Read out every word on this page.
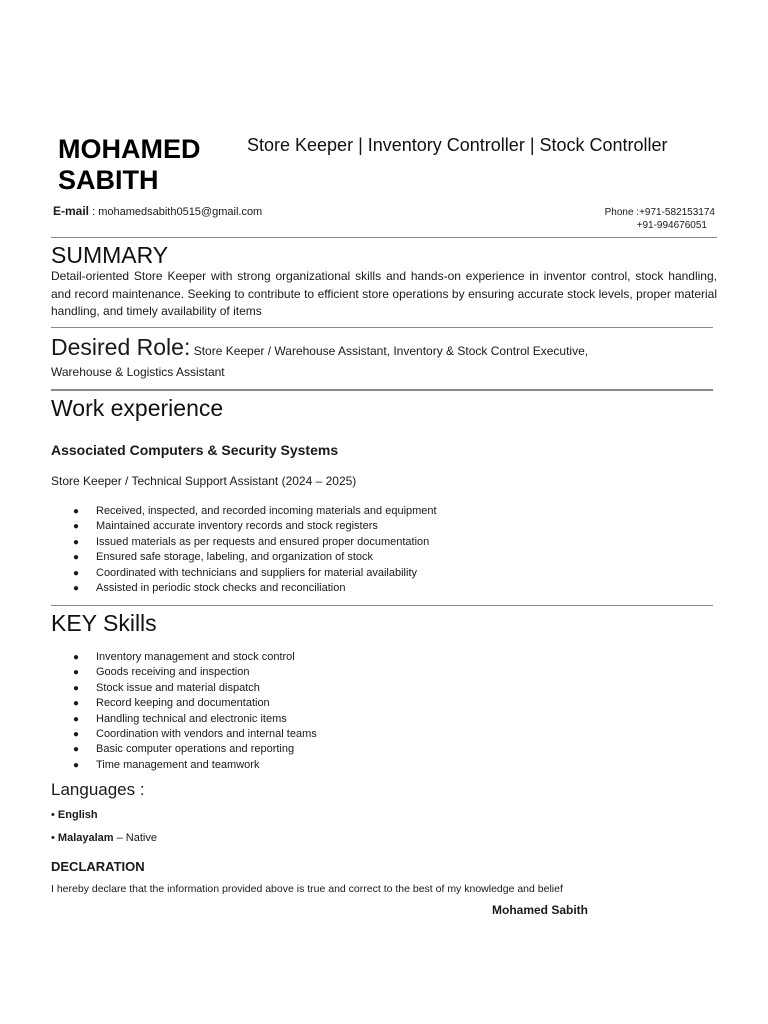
MOHAMED
SABITH
Store Keeper | Inventory Controller | Stock Controller
E-mail : mohamedsabith0515@gmail.com	Phone :+971-582153174
+91-994676051
SUMMARY
Detail-oriented Store Keeper with strong organizational skills and hands-on experience in inventor control, stock handling, and record maintenance. Seeking to contribute to efficient store operations by ensuring accurate stock levels, proper material handling, and timely availability of items
Desired Role: Store Keeper / Warehouse Assistant, Inventory & Stock Control Executive,
Warehouse & Logistics Assistant
Work experience
Associated Computers & Security Systems
Store Keeper / Technical Support Assistant (2024 – 2025)
● Received, inspected, and recorded incoming materials and equipment
● Maintained accurate inventory records and stock registers
● Issued materials as per requests and ensured proper documentation
● Ensured safe storage, labeling, and organization of stock
● Coordinated with technicians and suppliers for material availability
● Assisted in periodic stock checks and reconciliation
KEY Skills
● Inventory management and stock control
● Goods receiving and inspection
● Stock issue and material dispatch
● Record keeping and documentation
● Handling technical and electronic items
● Coordination with vendors and internal teams
● Basic computer operations and reporting
● Time management and teamwork
Languages :
• English
• Malayalam – Native
DECLARATION
I hereby declare that the information provided above is true and correct to the best of my knowledge and belief
Mohamed Sabith
